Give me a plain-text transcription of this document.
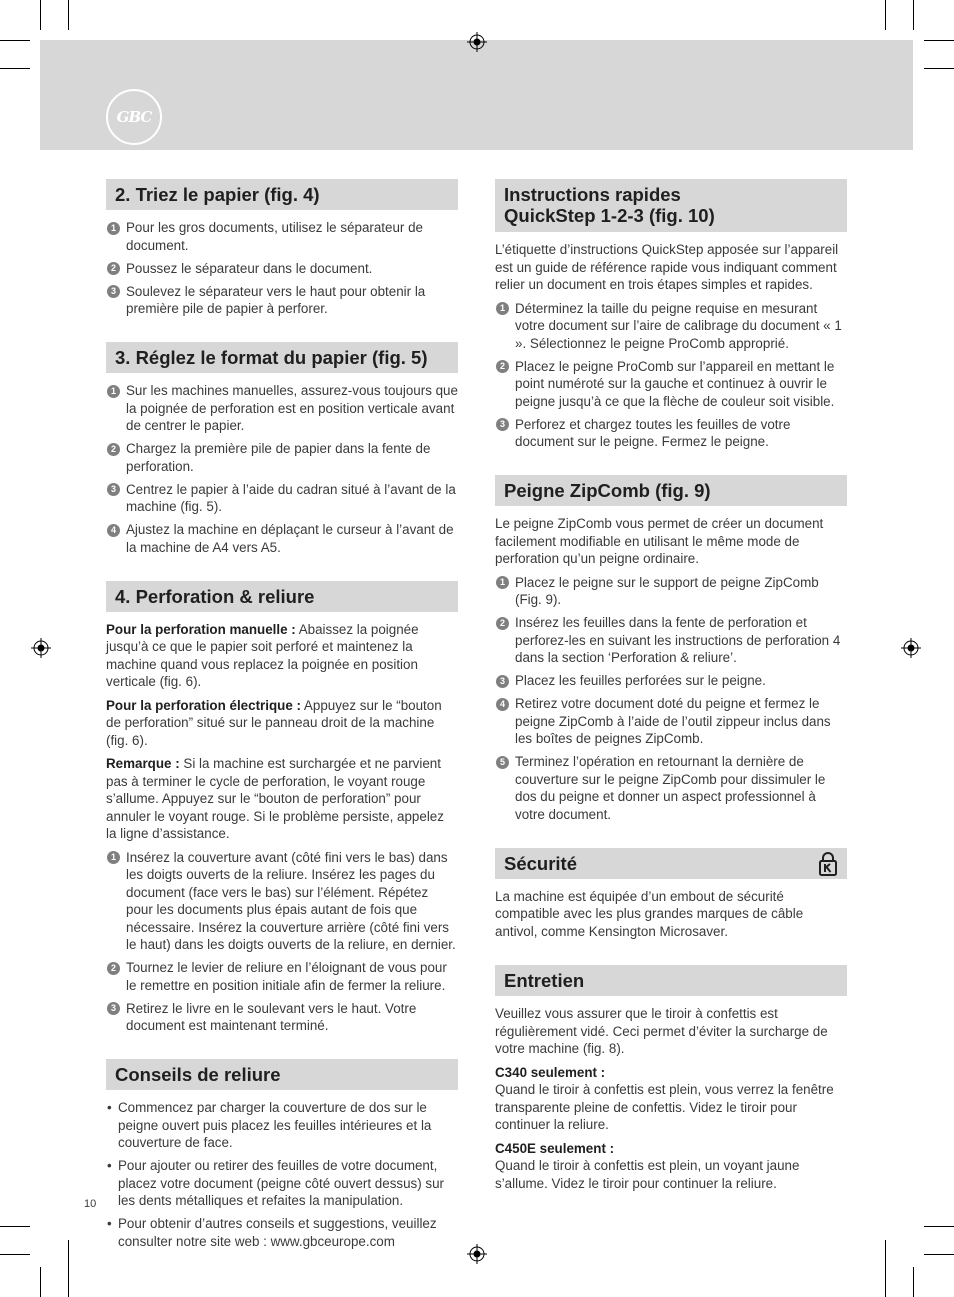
GBC
2. Triez le papier (fig. 4)
1 Pour les gros documents, utilisez le séparateur de document.
2 Poussez le séparateur dans le document.
3 Soulevez le séparateur vers le haut pour obtenir la première pile de papier à perforer.
3. Réglez le format du papier (fig. 5)
1 Sur les machines manuelles, assurez-vous toujours que la poignée de perforation est en position verticale avant de centrer le papier.
2 Chargez la première pile de papier dans la fente de perforation.
3 Centrez le papier à l’aide du cadran situé à l’avant de la machine (fig. 5).
4 Ajustez la machine en déplaçant le curseur à l’avant de la machine de A4 vers A5.
4. Perforation & reliure
Pour la perforation manuelle : Abaissez la poignée jusqu’à ce que le papier soit perforé et maintenez la machine quand vous replacez la poignée en position verticale (fig. 6).
Pour la perforation électrique : Appuyez sur le “bouton de perforation” situé sur le panneau droit de la machine (fig. 6).
Remarque : Si la machine est surchargée et ne parvient pas à terminer le cycle de perforation, le voyant rouge s’allume. Appuyez sur le “bouton de perforation” pour annuler le voyant rouge. Si le problème persiste, appelez la ligne d’assistance.
1 Insérez la couverture avant (côté fini vers le bas) dans les doigts ouverts de la reliure. Insérez les pages du document (face vers le bas) sur l’élément. Répétez pour les documents plus épais autant de fois que nécessaire. Insérez la couverture arrière (côté fini vers le haut) dans les doigts ouverts de la reliure, en dernier.
2 Tournez le levier de reliure en l’éloignant de vous pour le remettre en position initiale afin de fermer la reliure.
3 Retirez le livre en le soulevant vers le haut. Votre document est maintenant terminé.
Conseils de reliure
• Commencez par charger la couverture de dos sur le peigne ouvert puis placez les feuilles intérieures et la couverture de face.
• Pour ajouter ou retirer des feuilles de votre document, placez votre document (peigne côté ouvert dessus) sur les dents métalliques et refaites la manipulation.
• Pour obtenir d’autres conseils et suggestions, veuillez consulter notre site web : www.gbceurope.com
Instructions rapides
QuickStep 1-2-3 (fig. 10)
L’étiquette d’instructions QuickStep apposée sur l’appareil est un guide de référence rapide vous indiquant comment relier un document en trois étapes simples et rapides.
1 Déterminez la taille du peigne requise en mesurant votre document sur l’aire de calibrage du document « 1 ». Sélectionnez le peigne ProComb approprié.
2 Placez le peigne ProComb sur l’appareil en mettant le point numéroté sur la gauche et continuez à ouvrir le peigne jusqu’à ce que la flèche de couleur soit visible.
3 Perforez et chargez toutes les feuilles de votre document sur le peigne. Fermez le peigne.
Peigne ZipComb (fig. 9)
Le peigne ZipComb vous permet de créer un document facilement modifiable en utilisant le même mode de perforation qu’un peigne ordinaire.
1 Placez le peigne sur le support de peigne ZipComb (Fig. 9).
2 Insérez les feuilles dans la fente de perforation et perforez-les en suivant les instructions de perforation 4 dans la section ‘Perforation & reliure’.
3 Placez les feuilles perforées sur le peigne.
4 Retirez votre document doté du peigne et fermez le peigne ZipComb à l’aide de l’outil zippeur inclus dans les boîtes de peignes ZipComb.
5 Terminez l’opération en retournant la dernière de couverture sur le peigne ZipComb pour dissimuler le dos du peigne et donner un aspect professionnel à votre document.
Sécurité
La machine est équipée d’un embout de sécurité compatible avec les plus grandes marques de câble antivol, comme Kensington Microsaver.
Entretien
Veuillez vous assurer que le tiroir à confettis est régulièrement vidé. Ceci permet d’éviter la surcharge de votre machine (fig. 8).
C340 seulement :
Quand le tiroir à confettis est plein, vous verrez la fenêtre transparente pleine de confettis. Videz le tiroir pour continuer la reliure.
C450E seulement :
Quand le tiroir à confettis est plein, un voyant jaune s’allume. Videz le tiroir pour continuer la reliure.
10
